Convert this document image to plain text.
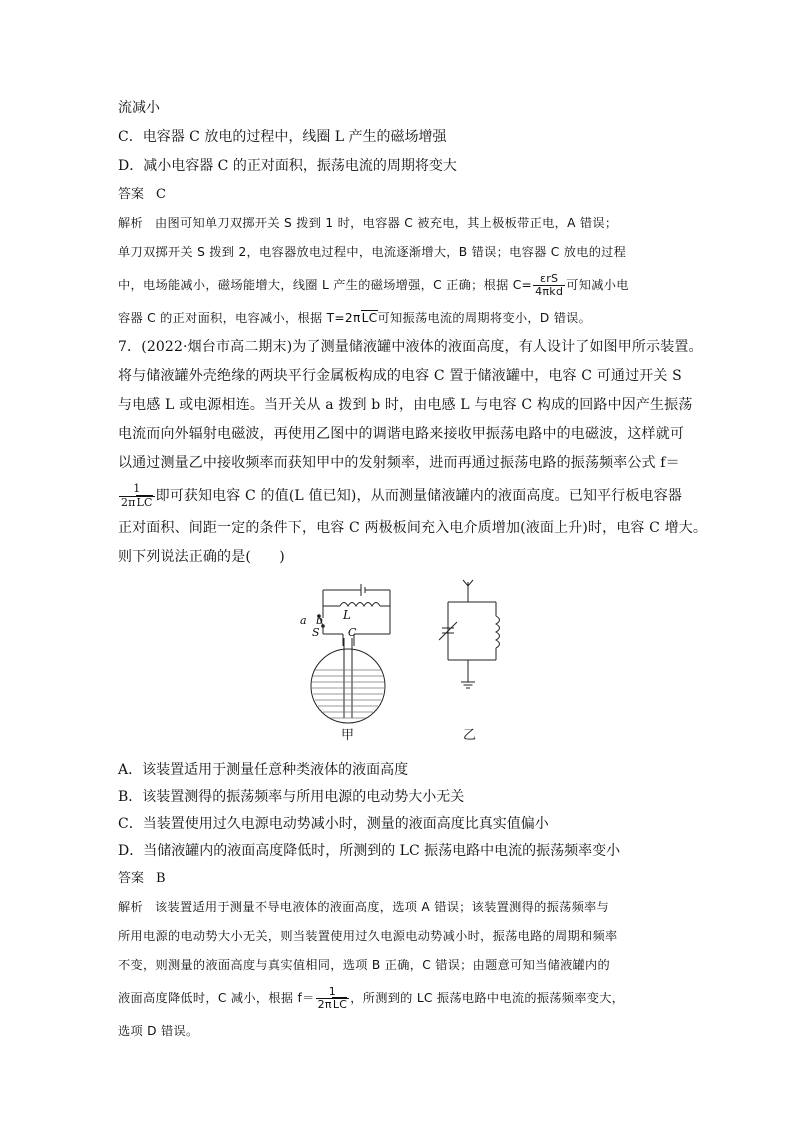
流减小
C．电容器 C 放电的过程中，线圈 L 产生的磁场增强
D．减小电容器 C 的正对面积，振荡电流的周期将变大
答案 C
解析 由图可知单刀双掷开关 S 拨到 1 时，电容器 C 被充电，其上极板带正电，A 错误；
单刀双掷开关 S 拨到 2，电容器放电过程中，电流逐渐增大，B 错误；电容器 C 放电的过程
中，电场能减小，磁场能增大，线圈 L 产生的磁场增强，C 正确；根据 $C= \frac{\text{εrS}}{\text{4πkd}}$ 可知减小电
容器 C 的正对面积，电容减小，根据 T=2πLC可知振荡电流的周期将变小，D 错误。
7．(2022·烟台市高二期末)为了测量储液罐中液体的液面高度，有人设计了如图甲所示装置。
将与储液罐外壳绝缘的两块平行金属板构成的电容 C 置于储液罐中，电容 C 可通过开关 S
与电感 L 或电源相连。当开关从 a 拨到 b 时，由电感 L 与电容 C 构成的回路中因产生振荡
电流而向外辐射电磁波，再使用乙图中的调谐电路来接收甲振荡电路中的电磁波，这样就可
以通过测量乙中接收频率而获知甲中的发射频率，进而再通过振荡电路的振荡频率公式 f＝
$\frac{1}{\text{2πLC}}$ 即可获知电容 C 的值(L 值已知)，从而测量储液罐内的液面高度。已知平行板电容器
正对面积、间距一定的条件下，电容 C 两极板间充入电介质增加(液面上升)时，电容 C 增大。
则下列说法正确的是(　　)
a b
S
L
C
甲	乙
A．该装置适用于测量任意种类液体的液面高度
B．该装置测得的振荡频率与所用电源的电动势大小无关
C．当装置使用过久电源电动势减小时，测量的液面高度比真实值偏小
D．当储液罐内的液面高度降低时，所测到的 LC 振荡电路中电流的振荡频率变小
答案 B
解析 该装置适用于测量不导电液体的液面高度，选项 A 错误；该装置测得的振荡频率与
所用电源的电动势大小无关，则当装置使用过久电源电动势减小时，振荡电路的周期和频率
不变，则测量的液面高度与真实值相同，选项 B 正确，C 错误；由题意可知当储液罐内的
液面高度降低时，C 减小，根据 $f= \frac{1}{\text{2πLC}}$ ，所测到的 LC 振荡电路中电流的振荡频率变大，
选项 D 错误。
